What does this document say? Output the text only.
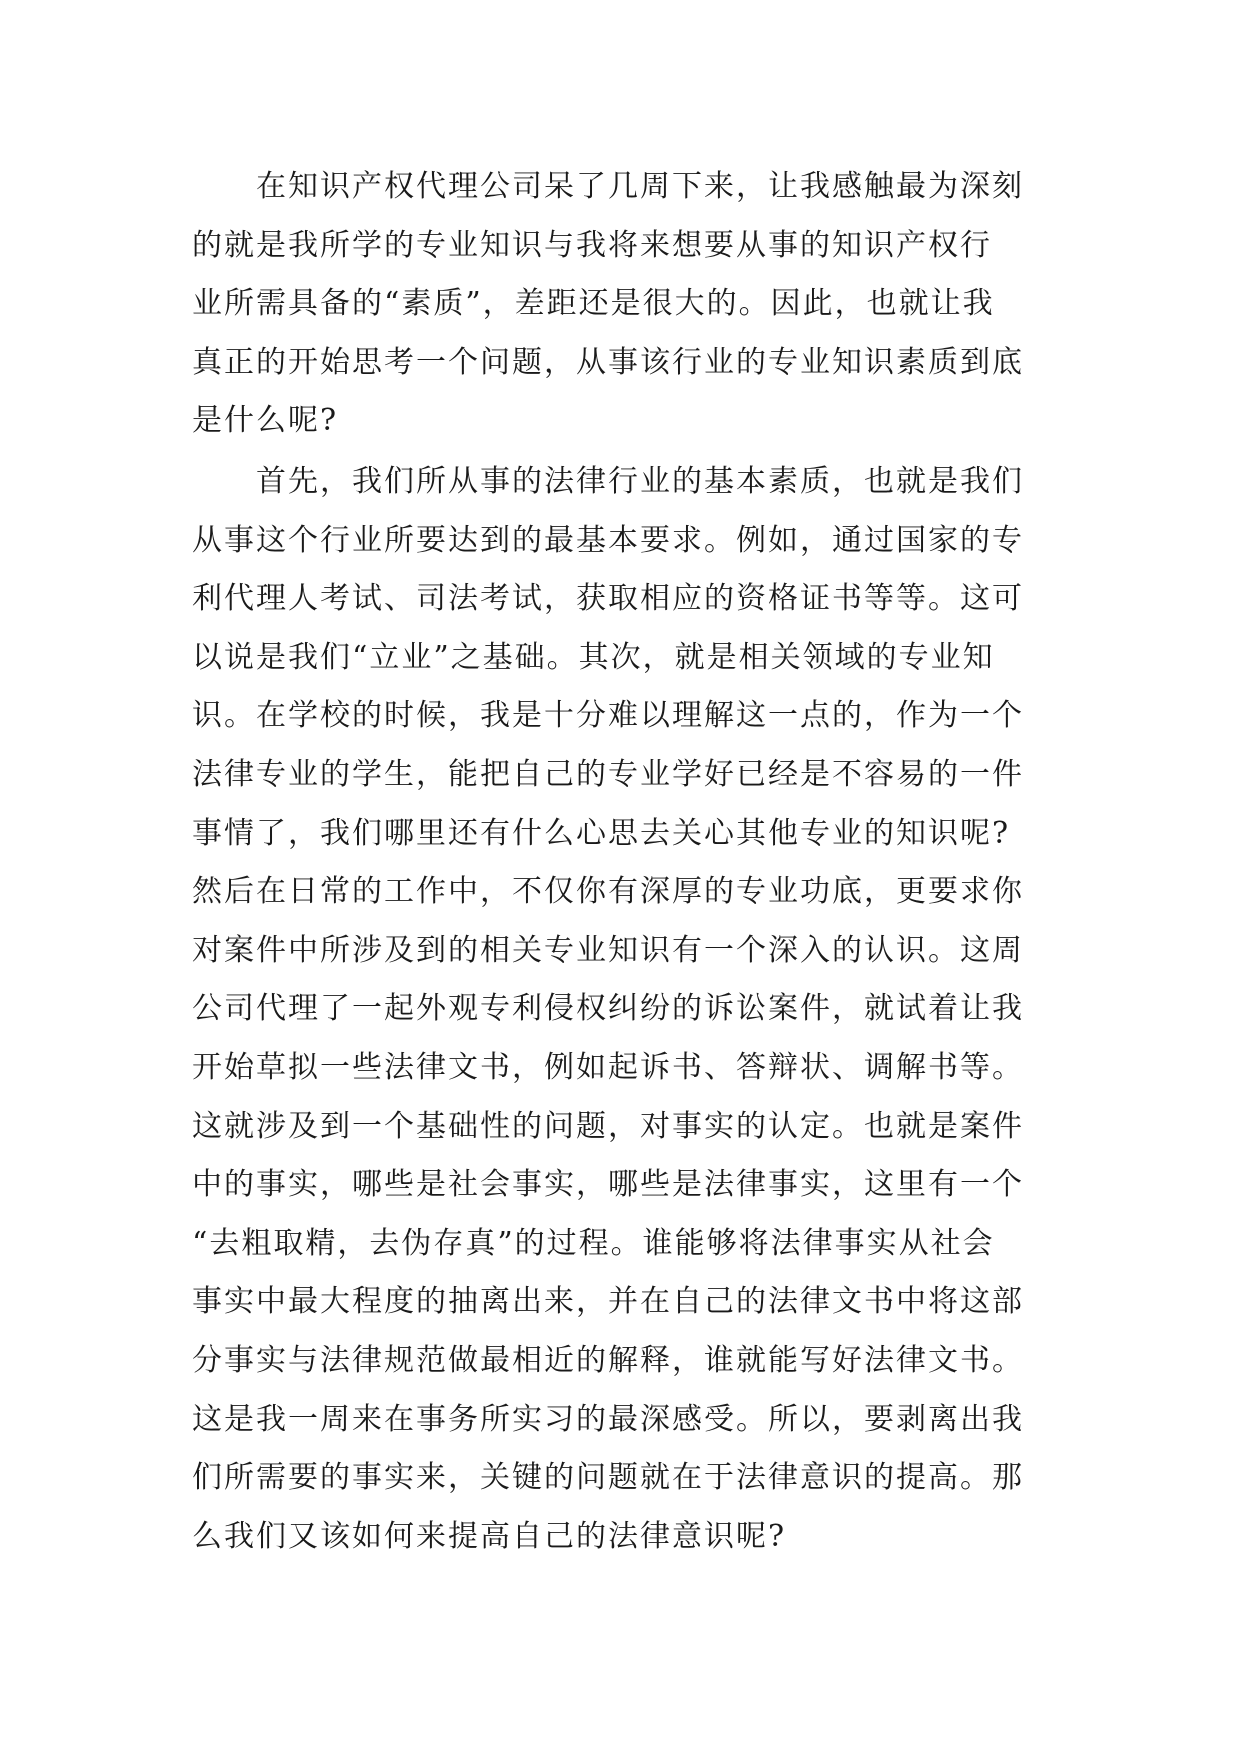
　　在知识产权代理公司呆了几周下来，让我感触最为深刻
的就是我所学的专业知识与我将来想要从事的知识产权行
业所需具备的“素质”，差距还是很大的。因此，也就让我
真正的开始思考一个问题，从事该行业的专业知识素质到底
是什么呢?

　　首先，我们所从事的法律行业的基本素质，也就是我们
从事这个行业所要达到的最基本要求。例如，通过国家的专
利代理人考试、司法考试，获取相应的资格证书等等。这可
以说是我们“立业”之基础。其次，就是相关领域的专业知
识。在学校的时候，我是十分难以理解这一点的，作为一个
法律专业的学生，能把自己的专业学好已经是不容易的一件
事情了，我们哪里还有什么心思去关心其他专业的知识呢?
然后在日常的工作中，不仅你有深厚的专业功底，更要求你
对案件中所涉及到的相关专业知识有一个深入的认识。这周
公司代理了一起外观专利侵权纠纷的诉讼案件，就试着让我
开始草拟一些法律文书，例如起诉书、答辩状、调解书等。
这就涉及到一个基础性的问题，对事实的认定。也就是案件
中的事实，哪些是社会事实，哪些是法律事实，这里有一个
“去粗取精，去伪存真”的过程。谁能够将法律事实从社会
事实中最大程度的抽离出来，并在自己的法律文书中将这部
分事实与法律规范做最相近的解释，谁就能写好法律文书。
这是我一周来在事务所实习的最深感受。所以，要剥离出我
们所需要的事实来，关键的问题就在于法律意识的提高。那
么我们又该如何来提高自己的法律意识呢?
